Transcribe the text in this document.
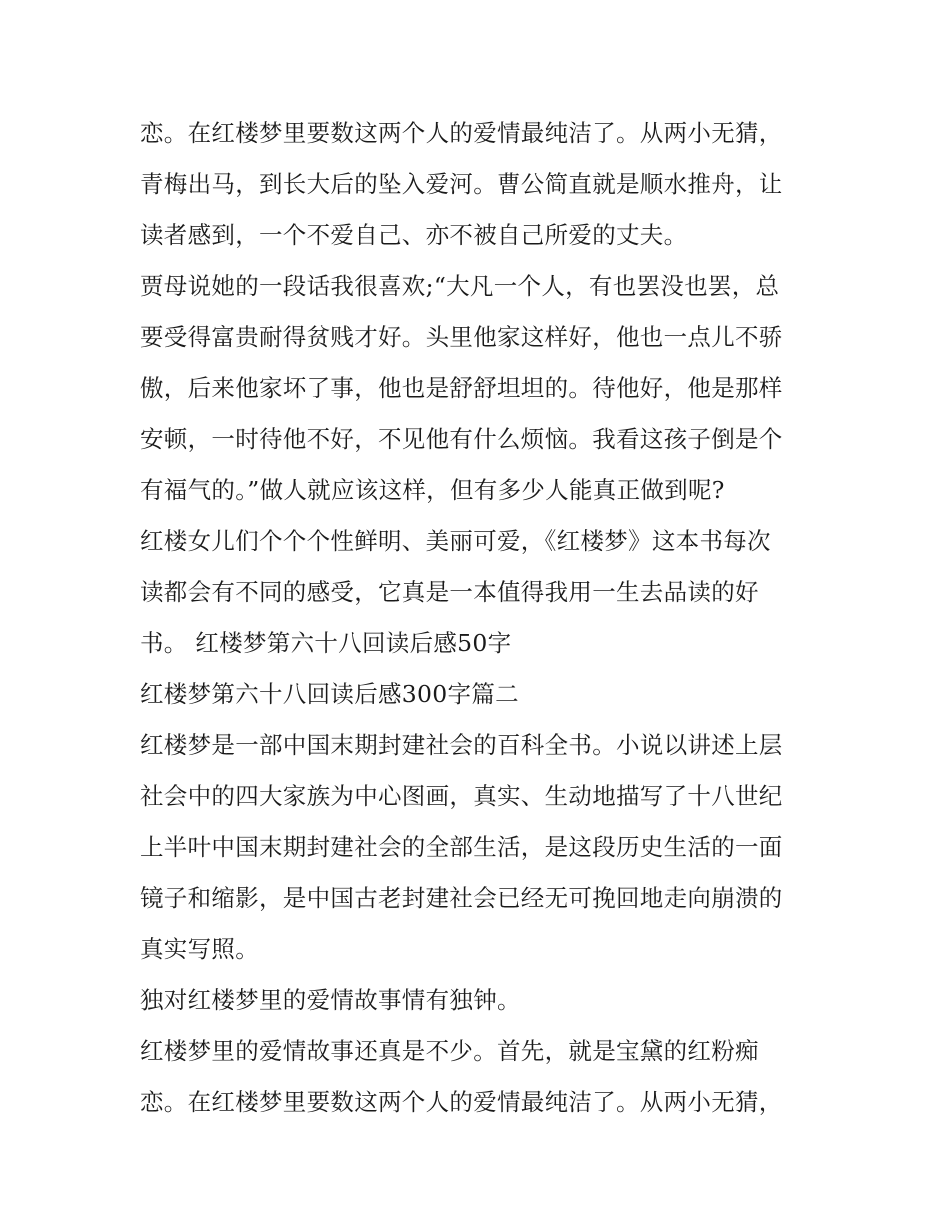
恋。在红楼梦里要数这两个人的爱情最纯洁了。从两小无猜，
青梅出马，到长大后的坠入爱河。曹公简直就是顺水推舟，让
读者感到，一个不爱自己、亦不被自己所爱的丈夫。
贾母说她的一段话我很喜欢;“大凡一个人，有也罢没也罢，总
要受得富贵耐得贫贱才好。头里他家这样好，他也一点儿不骄
傲，后来他家坏了事，他也是舒舒坦坦的。待他好，他是那样
安顿，一时待他不好，不见他有什么烦恼。我看这孩子倒是个
有福气的。”做人就应该这样，但有多少人能真正做到呢?
红楼女儿们个个个性鲜明、美丽可爱，《红楼梦》这本书每次
读都会有不同的感受，它真是一本值得我用一生去品读的好
书。 红楼梦第六十八回读后感50字
红楼梦第六十八回读后感300字篇二
红楼梦是一部中国末期封建社会的百科全书。小说以讲述上层
社会中的四大家族为中心图画，真实、生动地描写了十八世纪
上半叶中国末期封建社会的全部生活，是这段历史生活的一面
镜子和缩影，是中国古老封建社会已经无可挽回地走向崩溃的
真实写照。
独对红楼梦里的爱情故事情有独钟。
红楼梦里的爱情故事还真是不少。首先，就是宝黛的红粉痴
恋。在红楼梦里要数这两个人的爱情最纯洁了。从两小无猜，
